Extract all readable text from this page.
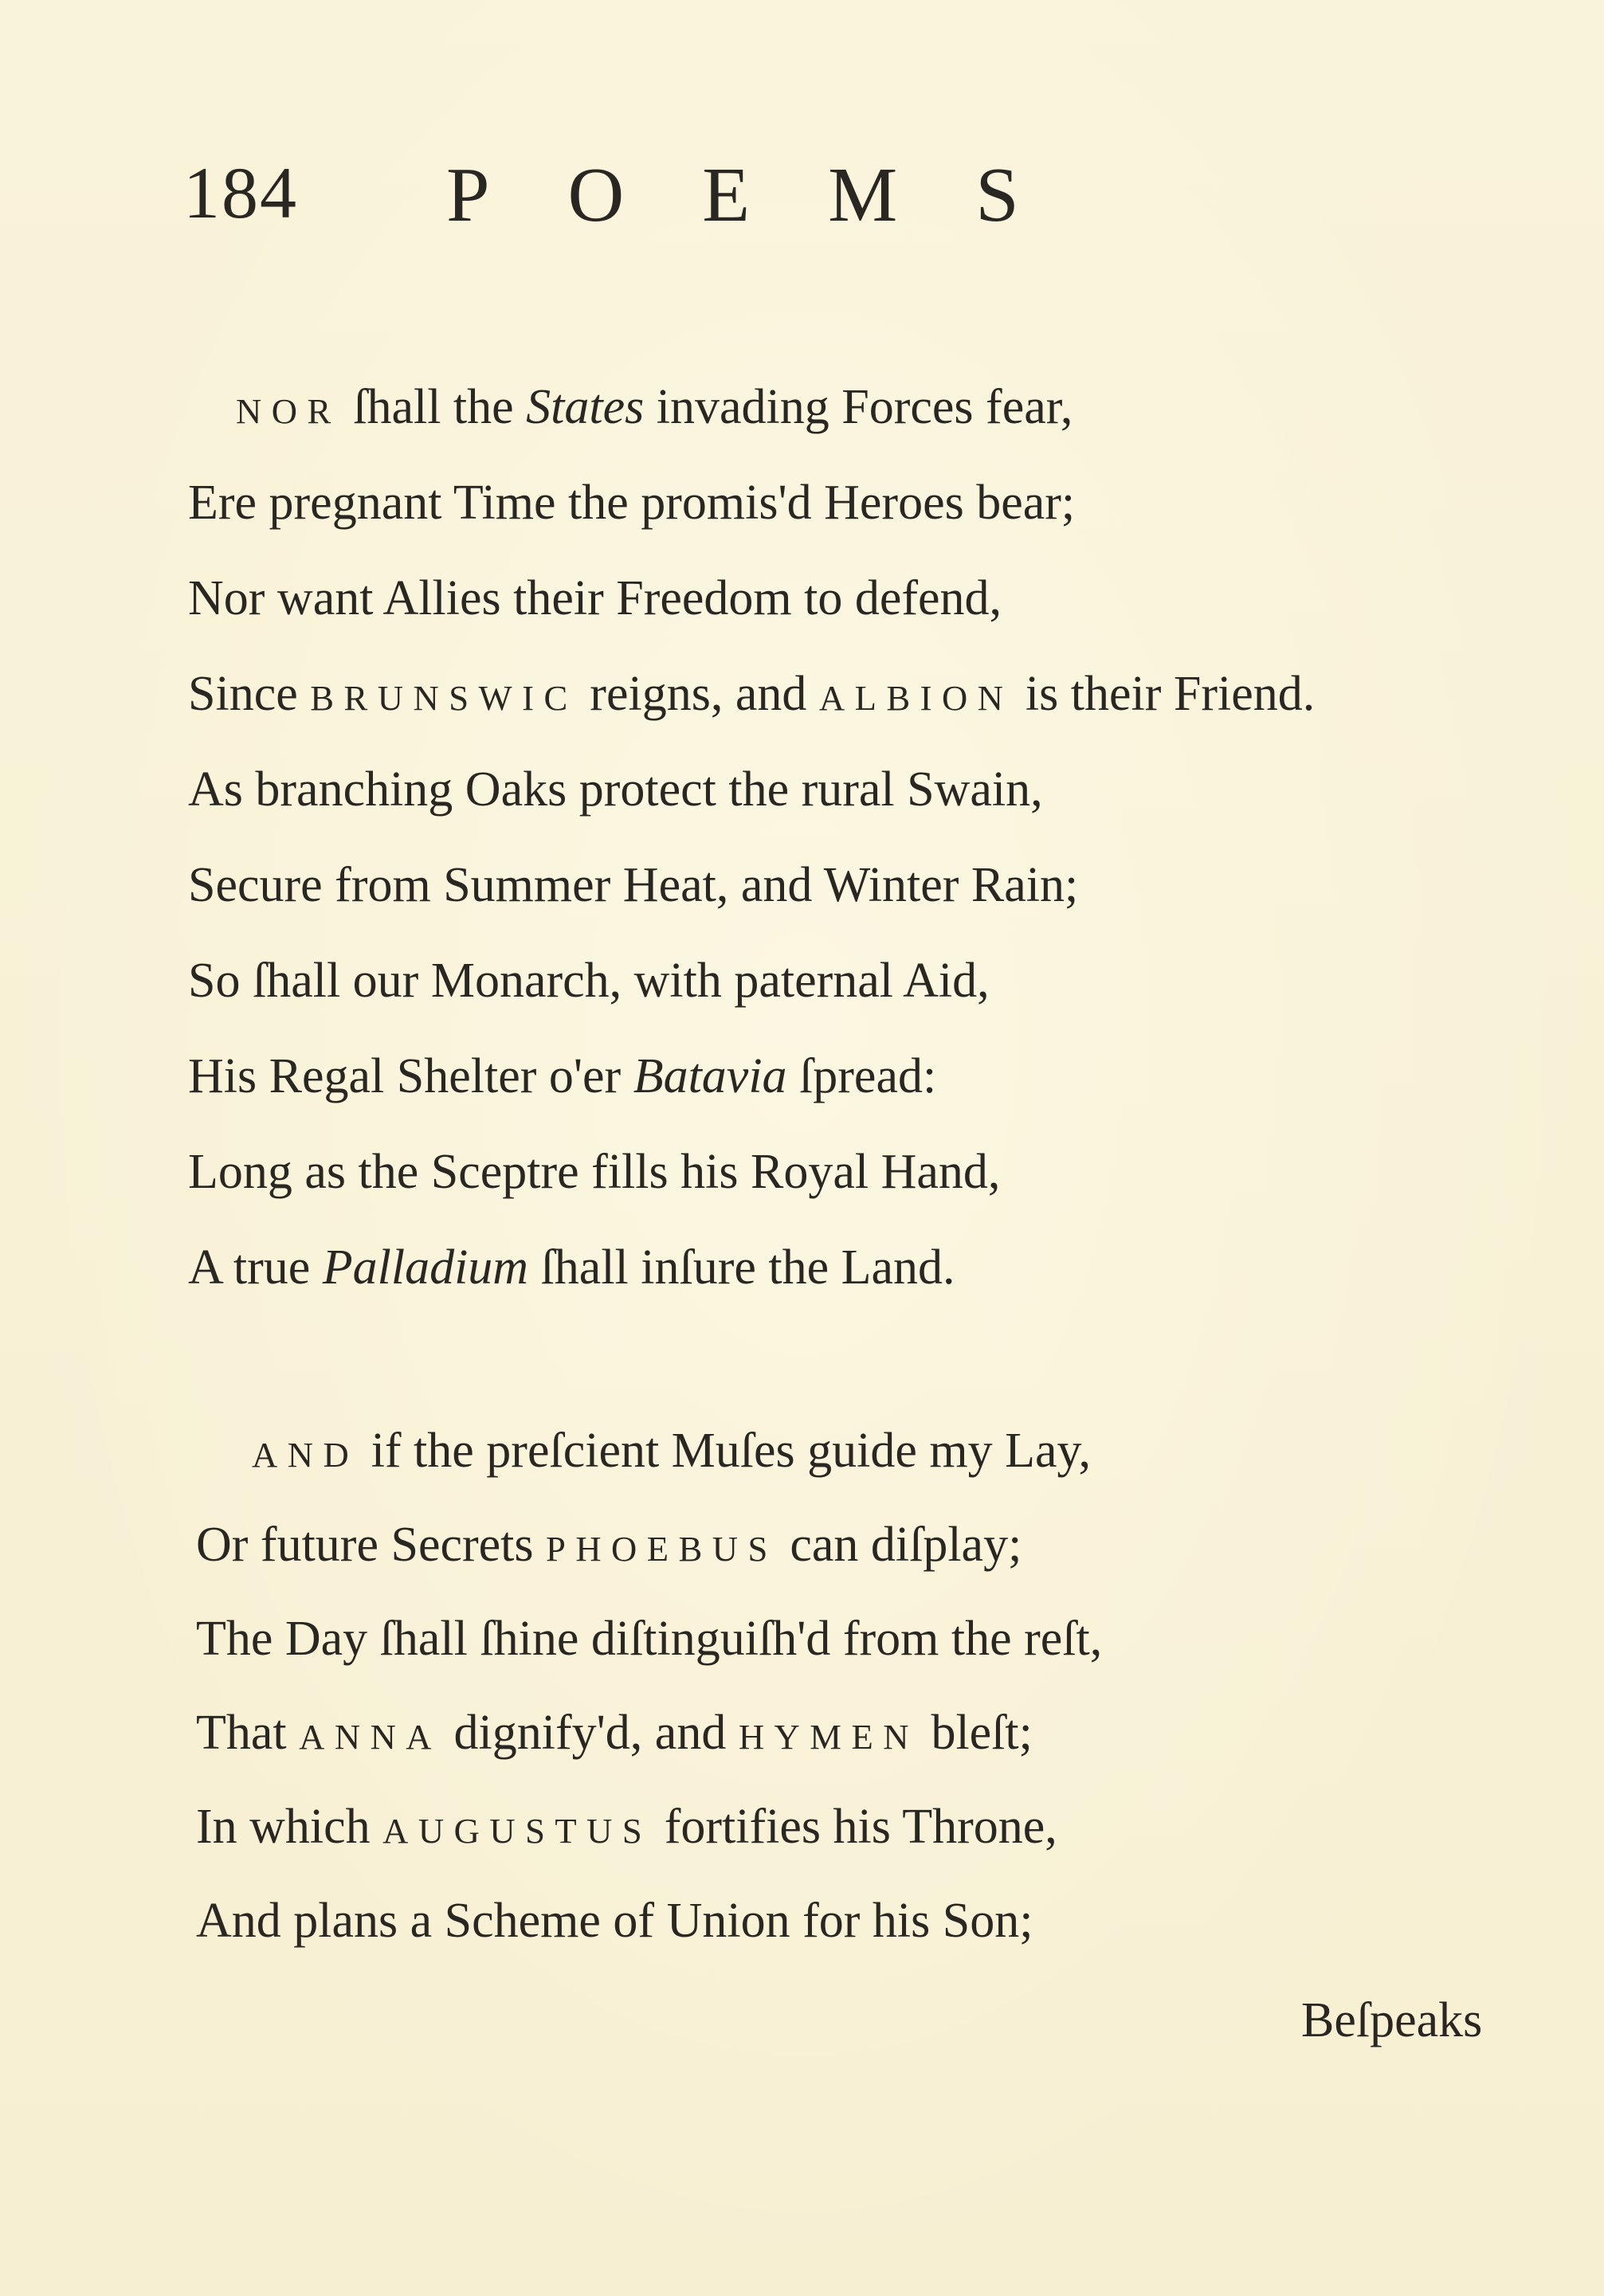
184 POEMS
NOR ſhall the States invading Forces fear,
Ere pregnant Time the promis'd Heroes bear;
Nor want Allies their Freedom to defend,
Since BRUNSWIC reigns, and ALBION is their Friend.
As branching Oaks protect the rural Swain,
Secure from Summer Heat, and Winter Rain;
So ſhall our Monarch, with paternal Aid,
His Regal Shelter o'er Batavia ſpread:
Long as the Sceptre fills his Royal Hand,
A true Palladium ſhall inſure the Land.
AND if the preſcient Muſes guide my Lay,
Or future Secrets PHOEBUS can diſplay;
The Day ſhall ſhine diſtinguiſh'd from the reſt,
That ANNA dignify'd, and HYMEN bleſt;
In which AUGUSTUS fortifies his Throne,
And plans a Scheme of Union for his Son;
Beſpeaks
